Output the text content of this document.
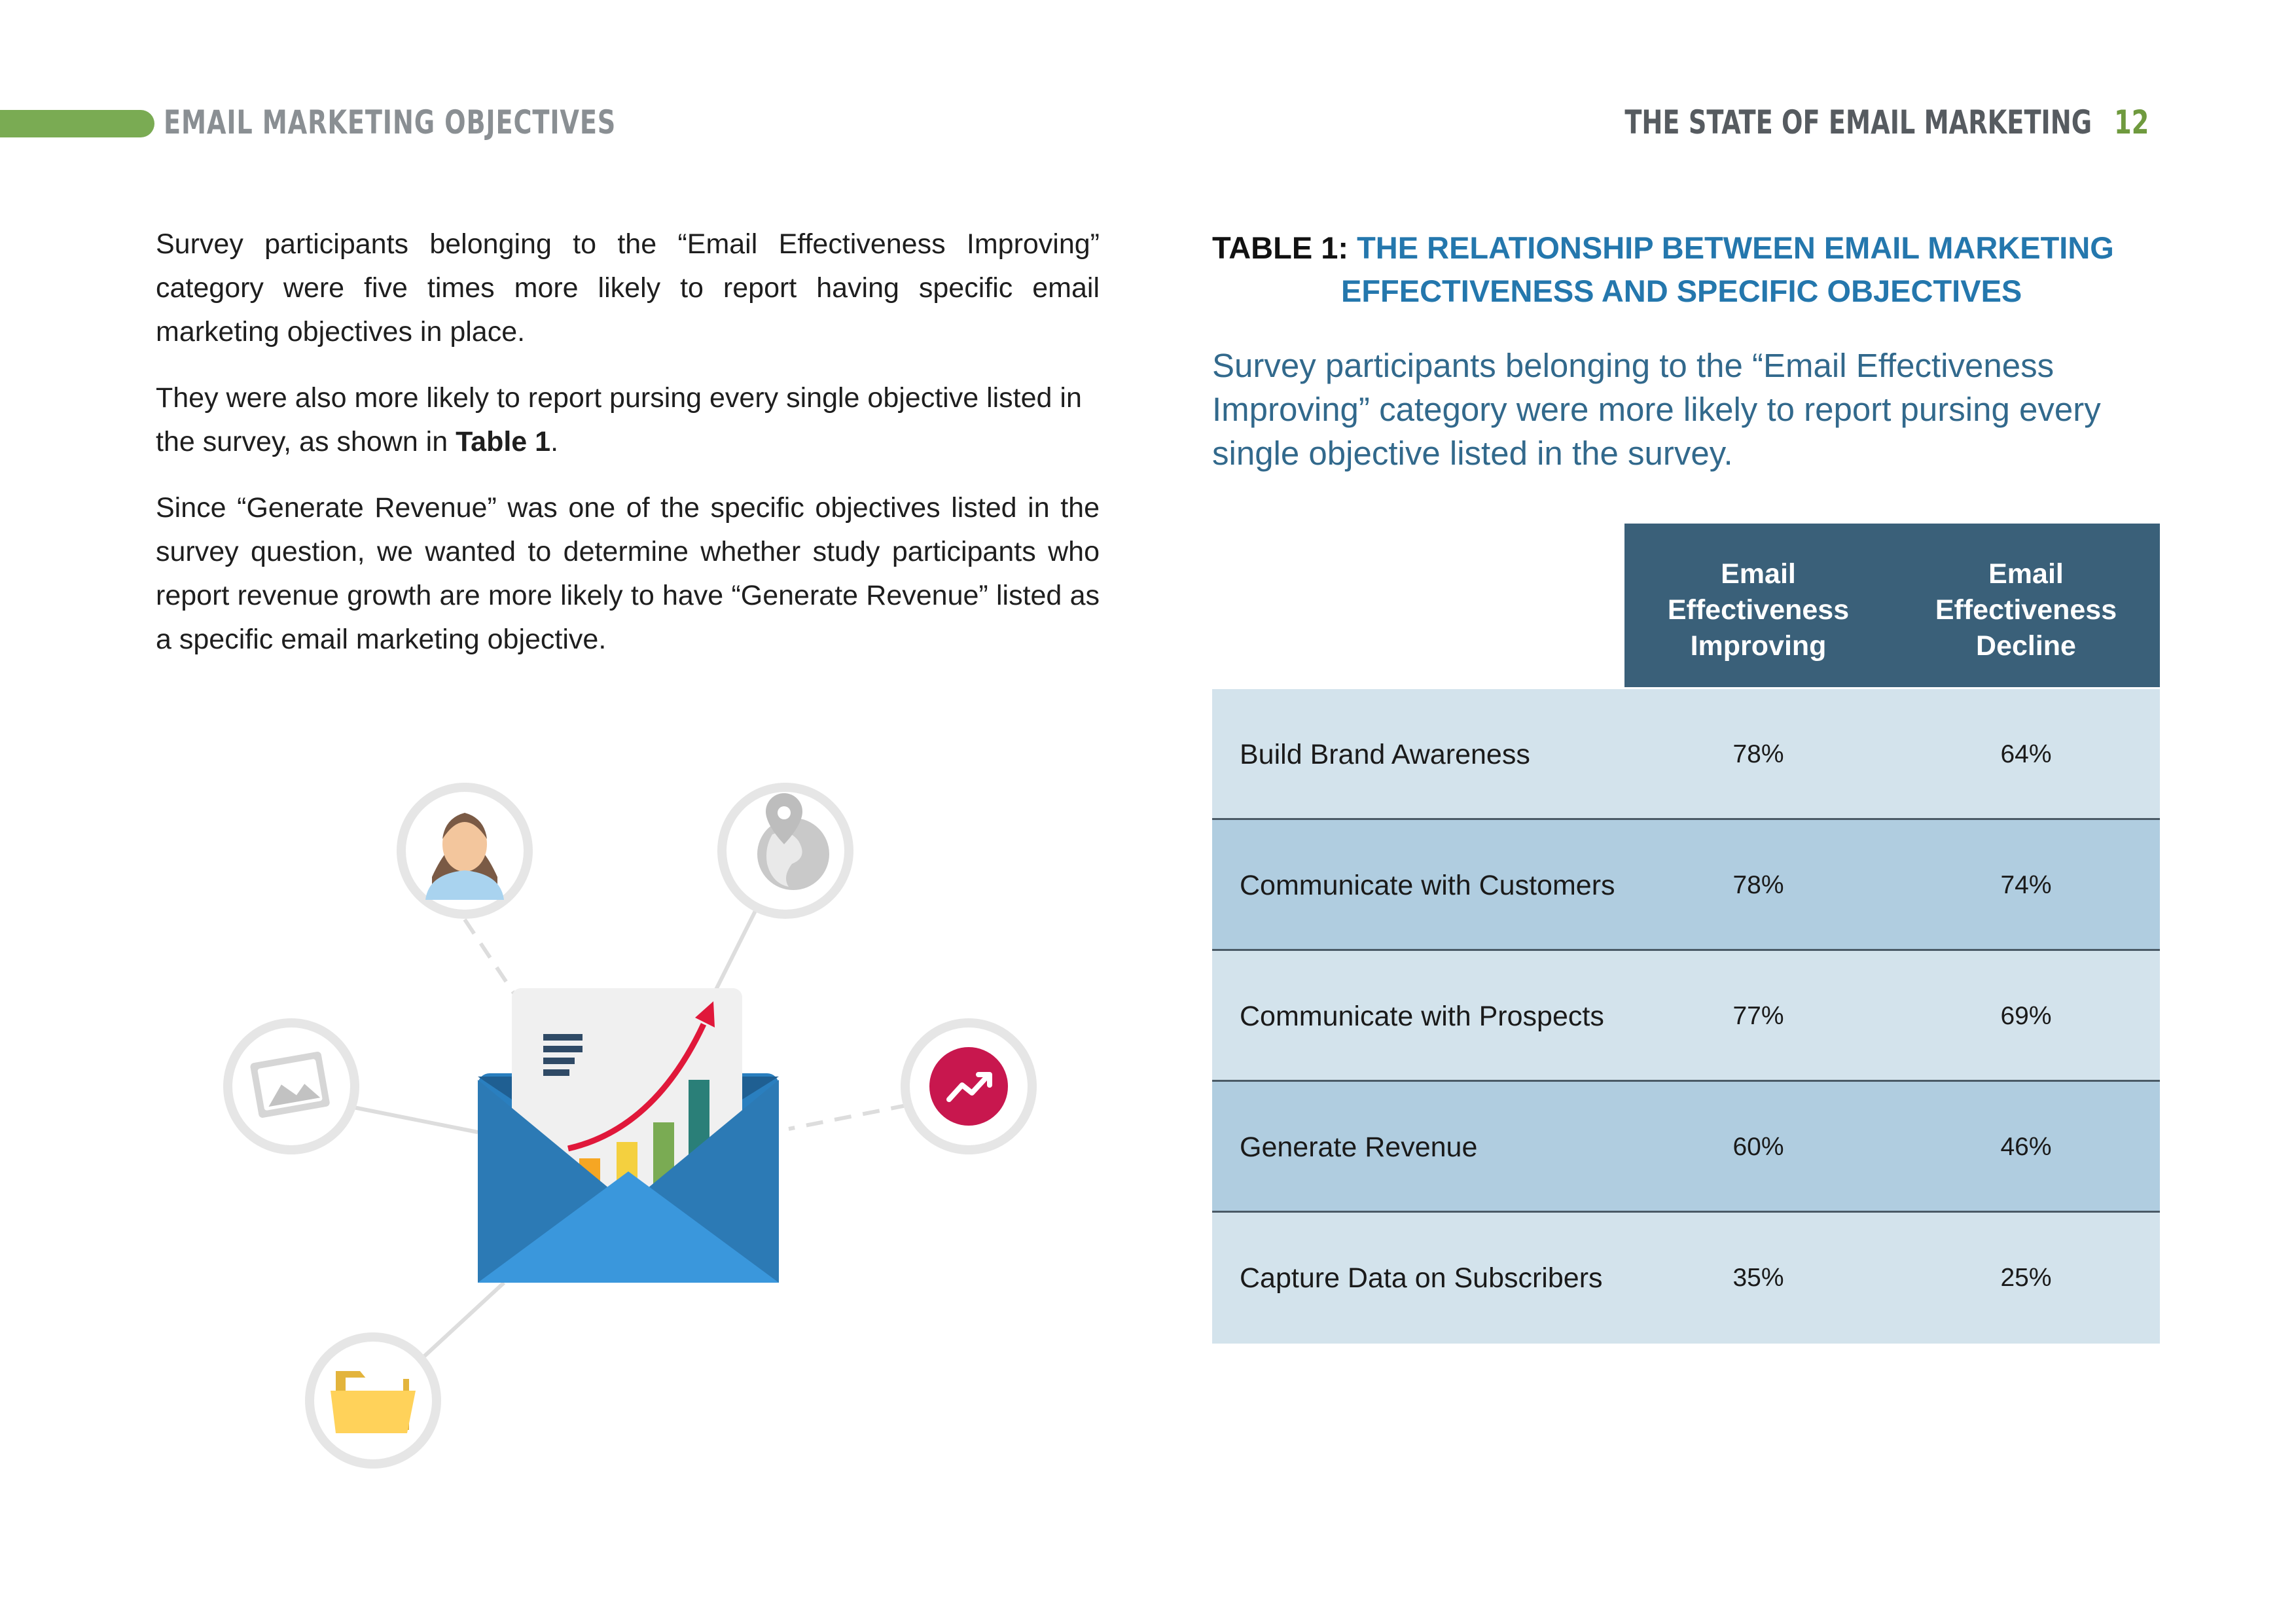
EMAIL MARKETING OBJECTIVES	THE STATE OF EMAIL MARKETING 12

Survey participants belonging to the “Email Effectiveness Improving” category were five times more likely to report having specific email marketing objectives in place.

They were also more likely to report pursing every single objective listed in the survey, as shown in Table 1.

Since “Generate Revenue” was one of the specific objectives listed in the survey question, we wanted to determine whether study participants who report revenue growth are more likely to have “Generate Revenue” listed as a specific email marketing objective.

TABLE 1: THE RELATIONSHIP BETWEEN EMAIL MARKETING
EFFECTIVENESS AND SPECIFIC OBJECTIVES
Survey participants belonging to the “Email Effectiveness Improving” category were more likely to report pursing every single objective listed in the survey.
Email
Effectiveness
Improving
Email
Effectiveness
Decline
Build Brand Awareness	78%	64%
Communicate with Customers	78%	74%
Communicate with Prospects	77%	69%
Generate Revenue	60%	46%
Capture Data on Subscribers	35%	25%
